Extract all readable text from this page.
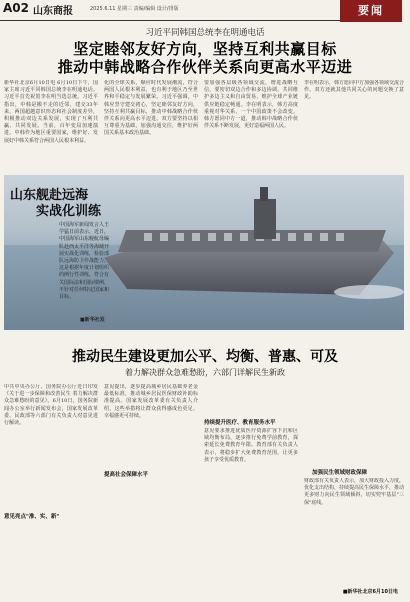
A02 山东商报	2025.6.11 星期三 责编/编辑 设计/排版	要闻
习近平同韩国总统李在明通电话
坚定睦邻友好方向，坚持互利共赢目标
推动中韩战略合作伙伴关系向更高水平迈进
新华社北京6月10日电 6月10日下午，国家主席习近平同韩国总统李在明通电话。习近平首先祝贺李在明当选总统。习近平指出，中韩是搬不走的近邻，建交33年来，两国超越意识形态和社会制度差异，积极推动双边关系发展，实现了互利共赢、共同发展。当前，百年变局加速演进，中韩作为地区重要国家，维护好、发展好中韩关系符合两国人民根本利益。
化的全球关系，顺应时代发展潮流，符合两国人民根本利益，也有利于地区乃至世界和平稳定与发展繁荣。习近平强调，中韩应坚守建交初心，坚定睦邻友好方向，坚持互利共赢目标，推动中韩战略合作伙伴关系向更高水平迈进。双方要坚持以相互尊重为基础，加强沟通交往，维护好两国关系基本政治基础。
要加强各层级各领域交流，增进战略互信，要密切双边合作和多边协调，共同维护多边主义和自由贸易，维护全球产业链供应链稳定畅通。李在明表示，韩方高度重视对华关系，一个中国政策不会改变。韩方愿同中方一道，推动韩中战略合作伙伴关系不断发展，更好造福两国人民。
李在明表示，韩方愿同中方加强各领域交流合作。双方还就其他共同关心的问题交换了意见。
山东舰赴远海
实战化训练
中国海军新闻发言人王学猛日前表示，近日，中国海军山东舰航母编队赴西太平洋等海域开展实战化训练，检验部队远海防卫作战能力。这是根据年度计划组织的例行性训练，符合有关国际法和国际惯例，不针对任何特定国家和目标。
■新华社发
推动民生建设更加公平、均衡、普惠、可及
着力解决群众急难愁盼，六部门详解民生新政
中共中央办公厅、国务院办公厅近日印发《关于进一步保障和改善民生 着力解决群众急难愁盼的意见》。6月10日，国务院新闻办公室举行新闻发布会，国家发展改革委、民政部等六部门有关负责人对意见进行解读。
意见亮点"准、实、新"
提高社会保障水平
意见提出，逐步提高城乡居民基础养老金最低标准，推动城乡居民医保财政补助标准提高。国家发展改革委有关负责人介绍，这些举措将让群众获得感成色更足、幸福感更可持续。
持续提升医疗、教育服务水平
意见要求推进优质医疗资源扩容下沉和区域均衡布局，逐步推行免费学前教育，探索延长免费教育年限。教育部有关负责人表示，将稳步扩大免费教育范围，让更多孩子享受优质教育。
加强民生领域财政保障
财政部有关负责人表示，加大财政投入力度，优化支出结构，持续提高民生保障水平，推动更多财力向民生领域倾斜，切实兜牢基层"三保"底线。
■新华社北京6月10日电
